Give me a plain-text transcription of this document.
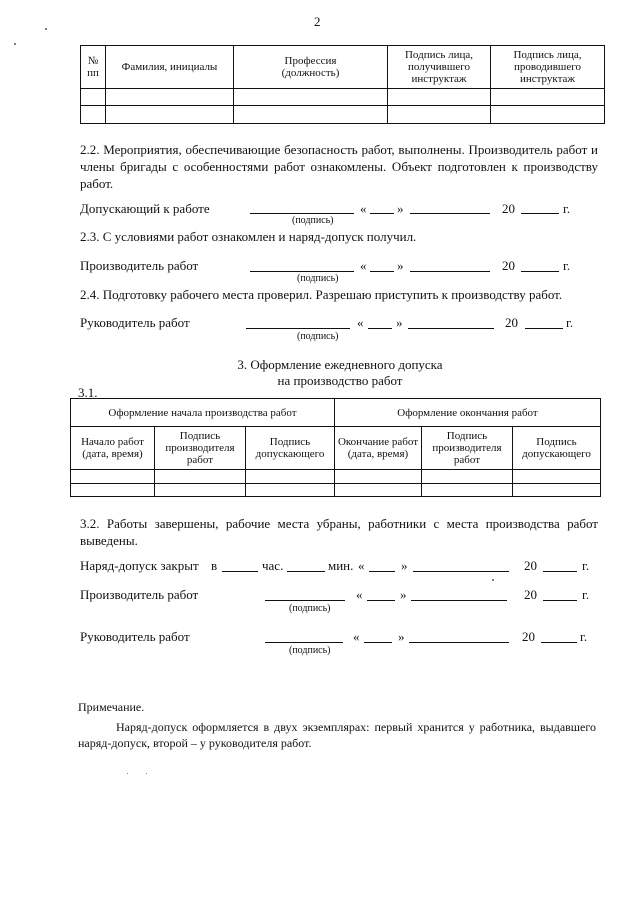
2
№ пп	Фамилия, инициалы	Профессия (должность)	Подпись лица, получившего инструктаж	Подпись лица, проводившего инструктаж

2.2. Мероприятия, обеспечивающие безопасность работ, выполнены. Производитель работ и члены бригады с особенностями работ ознакомлены. Объект подготовлен к производству работ.
Допускающий к работе
(подпись)
« »	20	г.
2.3. С условиями работ ознакомлен и наряд-допуск получил.
Производитель работ
(подпись)
« »	20	г.
2.4. Подготовку рабочего места проверил. Разрешаю приступить к производству работ.
Руководитель работ
(подпись)
«	»	20	г.
3. Оформление ежедневного допуска
на производство работ
3.1.
Оформление начала производства работ			Оформление окончания работ		
Начало работ (дата, время)	Подпись производителя работ	Подпись допускающего	Окончание работ (дата, время)	Подпись производителя работ	Подпись допускающего

3.2. Работы завершены, рабочие места убраны, работники с места производства работ выведены.
Наряд-допуск закрыт в	час.	мин. «	»	20	г.
Производитель работ
(подпись)
«	»	20	г.
Руководитель работ
(подпись)
«	»	20	г.
Примечание.
Наряд-допуск оформляется в двух экземплярах: первый хранится у работника, выдавшего наряд-допуск, второй – у руководителя работ.
